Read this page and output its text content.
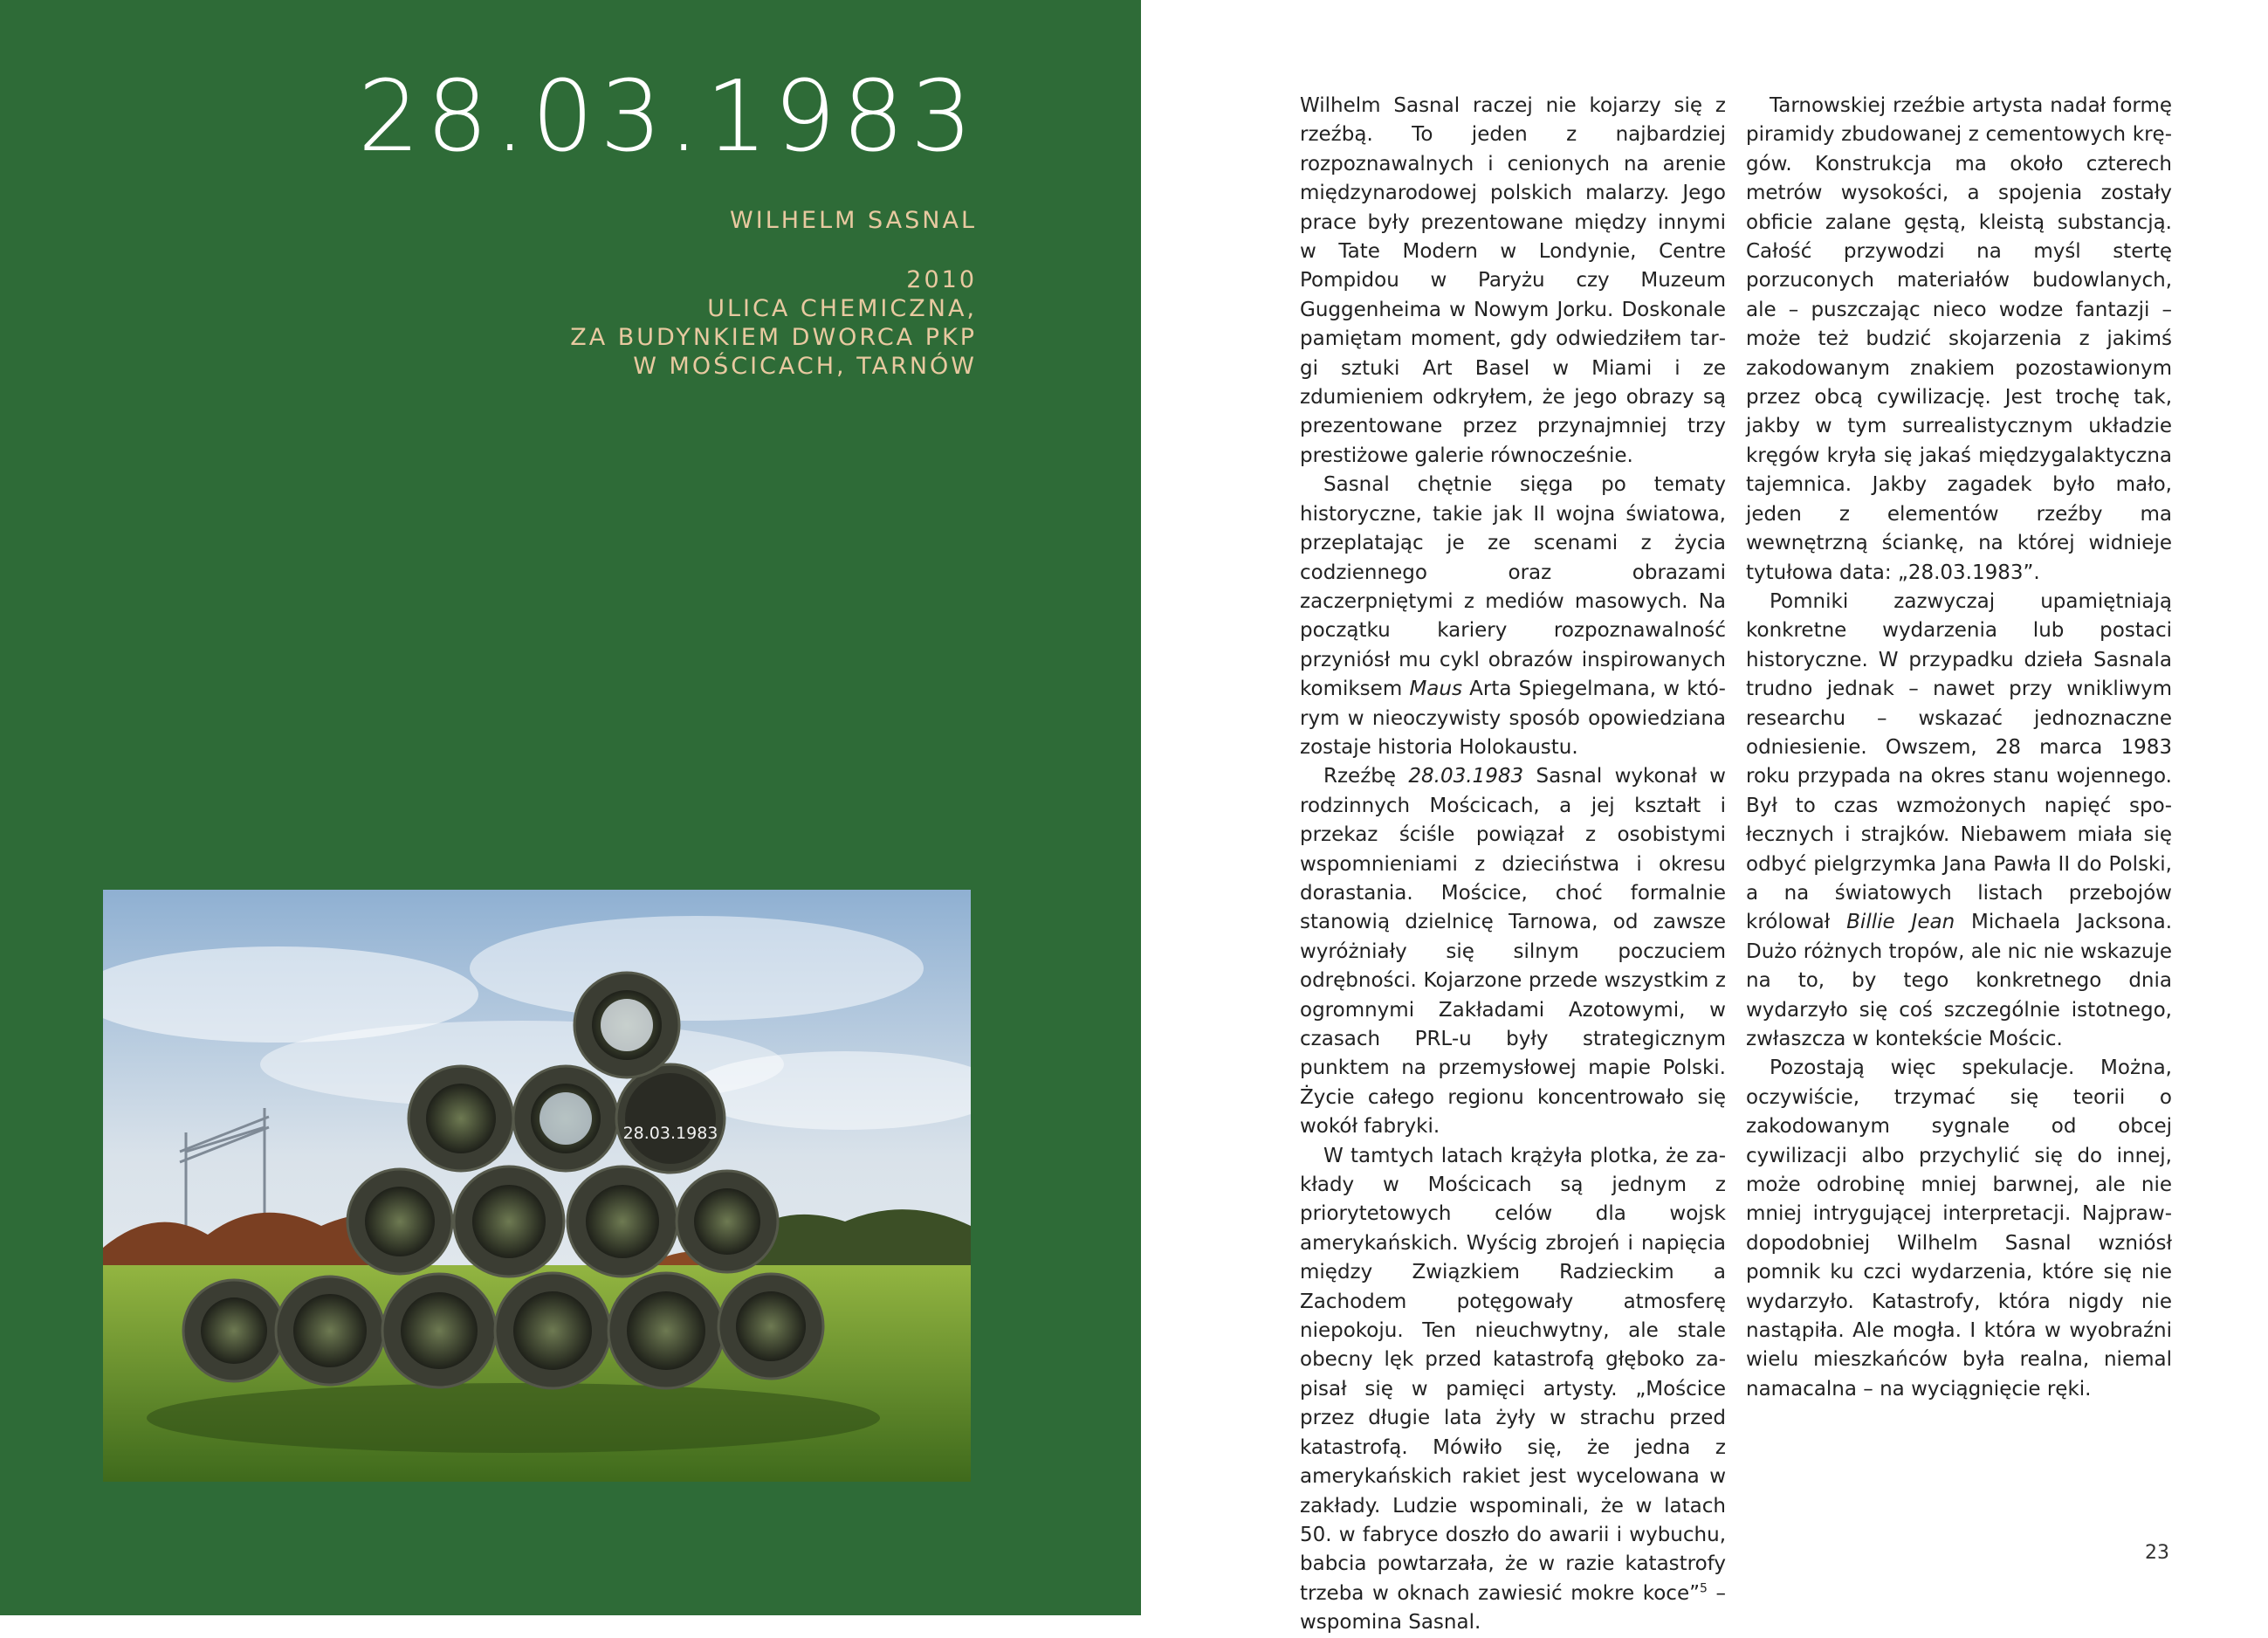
28.03.1983
WILHELM SASNAL
2010
ULICA CHEMICZNA,
ZA BUDYNKIEM DWORCA PKP
W MOŚCICACH, TARNÓW
28.03.1983

Wilhelm Sasnal raczej nie kojarzy się z rzeźbą. To jeden z najbardziej rozpoznawalnych i cenionych na arenie międzynarodowej polskich malarzy. Jego prace były prezentowane między innymi w Tate Modern w Londynie, Centre Pompidou w Paryżu czy Muzeum Guggenheima w Nowym Jorku. Doskonale pamiętam moment, gdy odwiedziłem targi sztuki Art Basel w Miami i ze zdumieniem odkryłem, że jego obrazy są prezentowane przez przynajmniej trzy prestiżowe galerie równocześnie.

Sasnal chętnie sięga po tematy historyczne, takie jak II wojna światowa, przeplatając je ze scenami z życia codziennego oraz obrazami zaczerpniętymi z mediów masowych. Na początku kariery rozpoznawalność przyniósł mu cykl obrazów inspirowanych komiksem Maus Arta Spiegelmana, w którym w nieoczywisty sposób opowiedziana zostaje historia Holokaustu.

Rzeźbę 28.03.1983 Sasnal wykonał w rodzinnych Mościcach, a jej kształt i przekaz ściśle powiązał z osobistymi wspomnieniami z dzieciństwa i okresu dorastania. Mościce, choć formalnie stanowią dzielnicę Tarnowa, od zawsze wyróżniały się silnym poczuciem odrębności. Kojarzone przede wszystkim z ogromnymi Zakładami Azotowymi, w czasach PRL-u były strategicznym punktem na przemysłowej mapie Polski. Życie całego regionu koncentrowało się wokół fabryki.

W tamtych latach krążyła plotka, że zakłady w Mościcach są jednym z priorytetowych celów dla wojsk amerykańskich. Wyścig zbrojeń i napięcia między Związkiem Radzieckim a Zachodem potęgowały atmosferę niepokoju. Ten nieuchwytny, ale stale obecny lęk przed katastrofą głęboko zapisał się w pamięci artysty. „Mościce przez długie lata żyły w strachu przed katastrofą. Mówiło się, że jedna z amerykańskich rakiet jest wycelowana w zakłady. Ludzie wspominali, że w latach 50. w fabryce doszło do awarii i wybuchu, babcia powtarzała, że w razie katastrofy trzeba w oknach zawiesić mokre koce”$^5$ – wspomina Sasnal.

Tarnowskiej rzeźbie artysta nadał formę piramidy zbudowanej z cementowych kręgów. Konstrukcja ma około czterech metrów wysokości, a spojenia zostały obficie zalane gęstą, kleistą substancją. Całość przywodzi na myśl stertę porzuconych materiałów budowlanych, ale – puszczając nieco wodze fantazji – może też budzić skojarzenia z jakimś zakodowanym znakiem pozostawionym przez obcą cywilizację. Jest trochę tak, jakby w tym surrealistycznym układzie kręgów kryła się jakaś międzygalaktyczna tajemnica. Jakby zagadek było mało, jeden z elementów rzeźby ma wewnętrzną ściankę, na której widnieje tytułowa data: „28.03.1983”.

Pomniki zazwyczaj upamiętniają konkretne wydarzenia lub postaci historyczne. W przypadku dzieła Sasnala trudno jednak – nawet przy wnikliwym researchu – wskazać jednoznaczne odniesienie. Owszem, 28 marca 1983 roku przypada na okres stanu wojennego. Był to czas wzmożonych napięć społecznych i strajków. Niebawem miała się odbyć pielgrzymka Jana Pawła II do Polski, a na światowych listach przebojów królował Billie Jean Michaela Jacksona. Dużo różnych tropów, ale nic nie wskazuje na to, by tego konkretnego dnia wydarzyło się coś szczególnie istotnego, zwłaszcza w kontekście Mościc.

Pozostają więc spekulacje. Można, oczywiście, trzymać się teorii o zakodowanym sygnale od obcej cywilizacji albo przychylić się do innej, może odrobinę mniej barwnej, ale nie mniej intrygującej interpretacji. Najprawdopodobniej Wilhelm Sasnal wzniósł pomnik ku czci wydarzenia, które się nie wydarzyło. Katastrofy, która nigdy nie nastąpiła. Ale mogła. I która w wyobraźni wielu mieszkańców była realna, niemal namacalna – na wyciągnięcie ręki.

23
